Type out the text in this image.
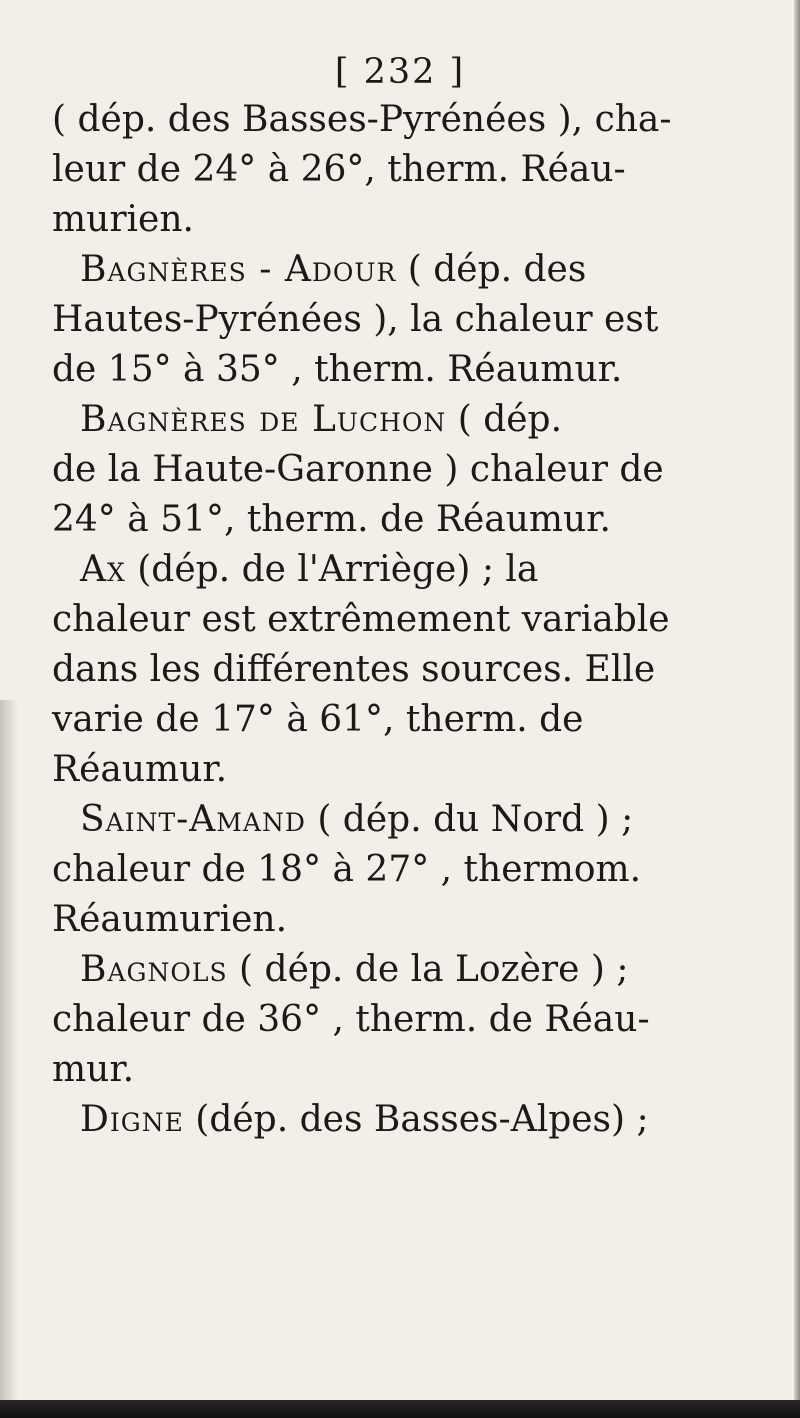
[ 232 ]
( dép. des Basses-Pyrénées ), cha-
leur de 24° à 26°, therm. Réau-
murien.
Bagnères - Adour ( dép. des
Hautes-Pyrénées ), la chaleur est
de 15° à 35° , therm. Réaumur.
Bagnères de Luchon ( dép.
de la Haute-Garonne ) chaleur de
24° à 51°, therm. de Réaumur.
Ax (dép. de l'Arriège) ; la
chaleur est extrêmement variable
dans les différentes sources. Elle
varie de 17° à 61°, therm. de
Réaumur.
Saint-Amand ( dép. du Nord ) ;
chaleur de 18° à 27° , thermom.
Réaumurien.
Bagnols ( dép. de la Lozère ) ;
chaleur de 36° , therm. de Réau-
mur.
Digne (dép. des Basses-Alpes) ;
